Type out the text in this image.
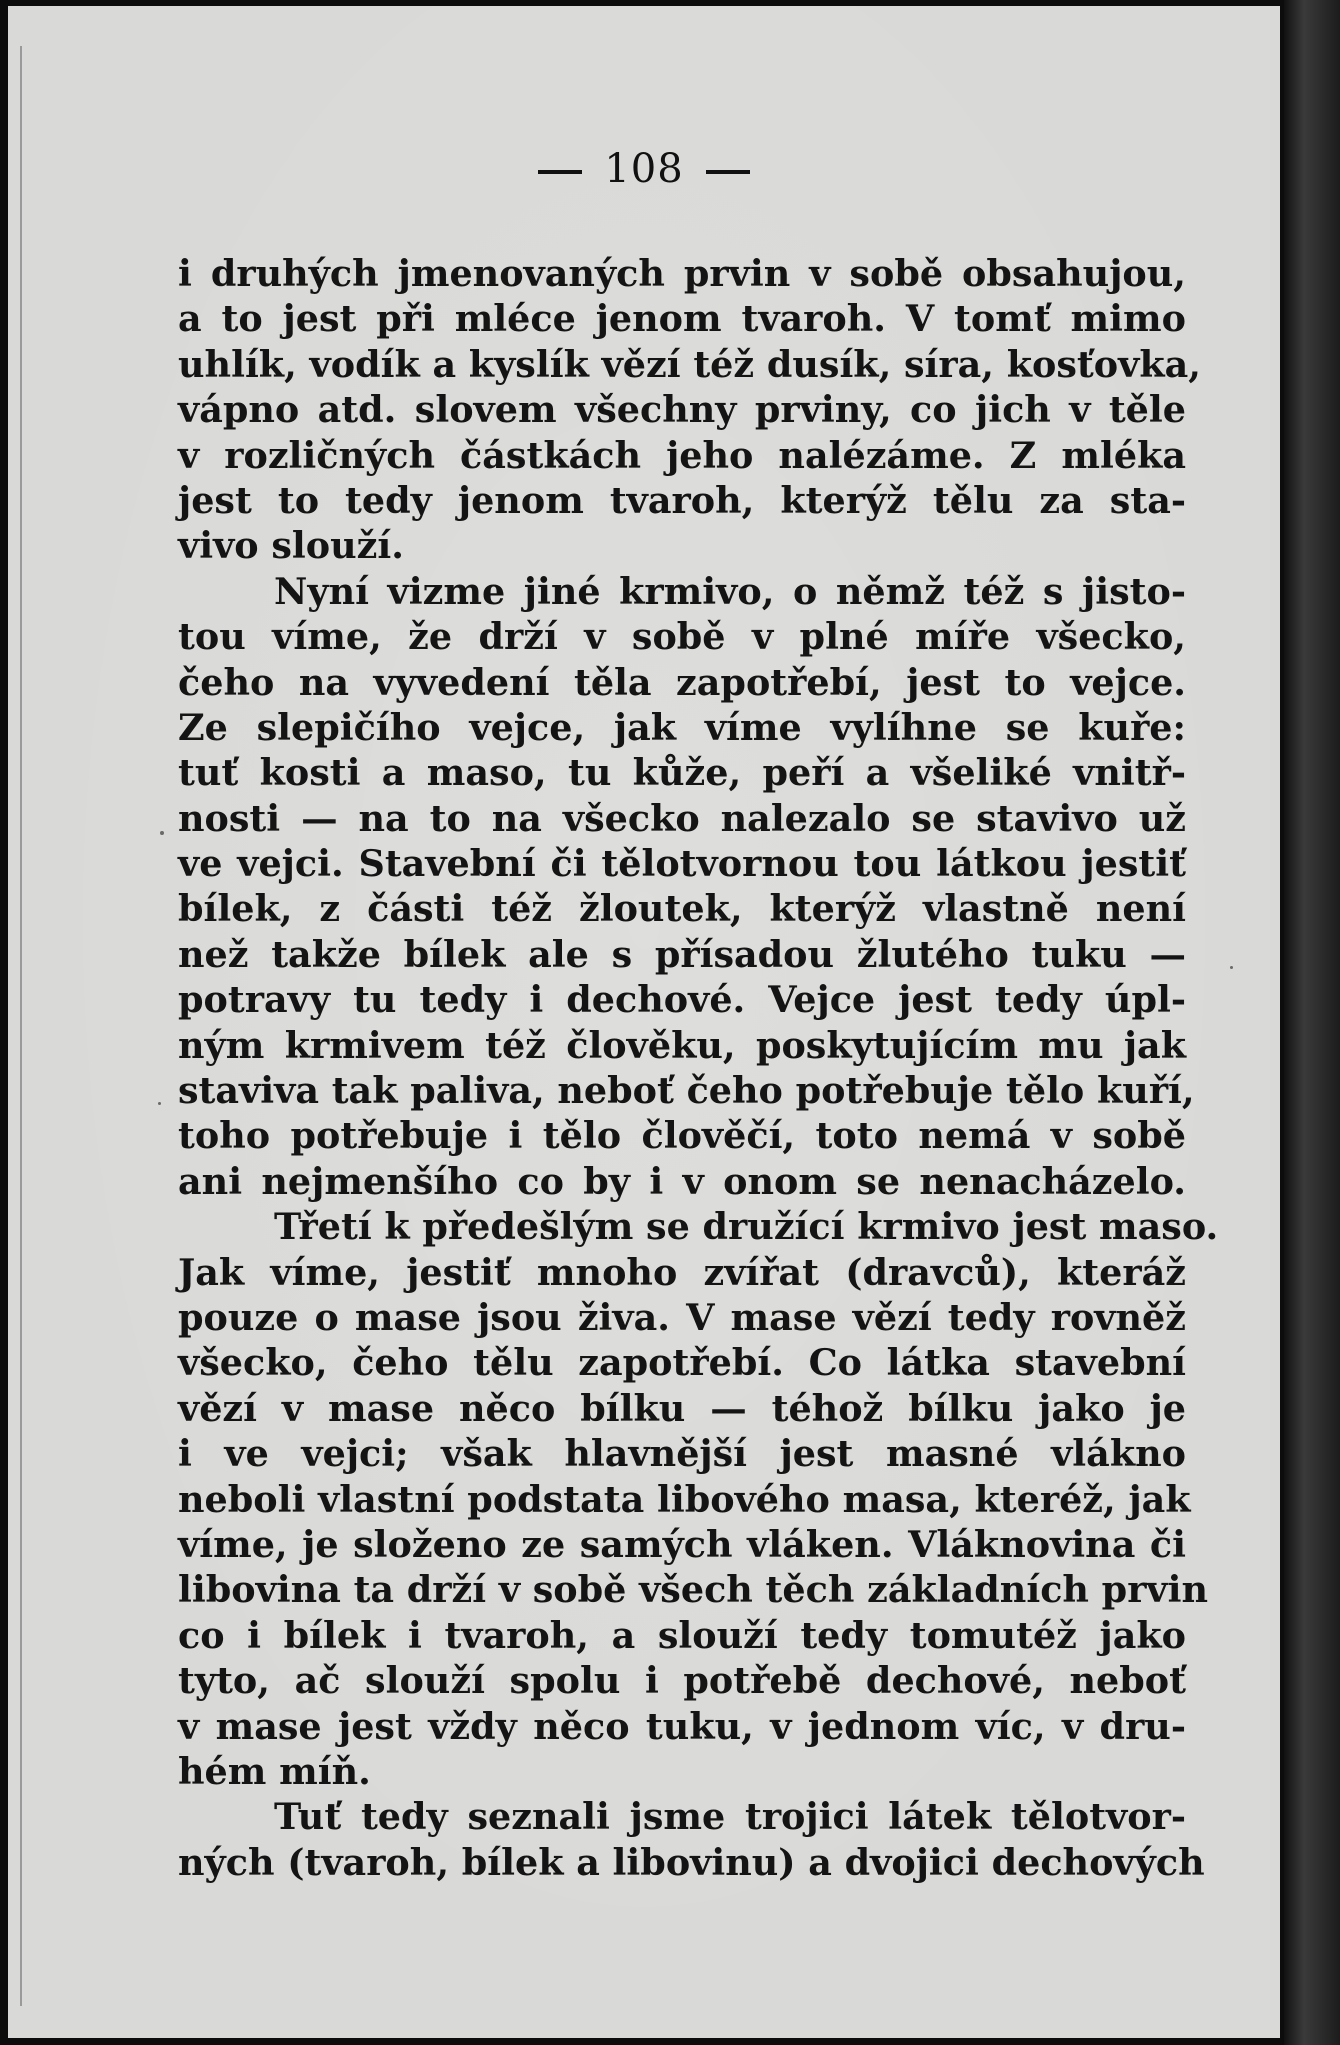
108
i druhých jmenovaných prvin v sobě obsahujou,
a to jest při mléce jenom tvaroh. V tomť mimo
uhlík, vodík a kyslík vězí též dusík, síra, kosťovka,
vápno atd. slovem všechny prviny, co jich v těle
v rozličných částkách jeho nalézáme. Z mléka
jest to tedy jenom tvaroh, kterýž tělu za sta-
vivo slouží.
Nyní vizme jiné krmivo, o němž též s jisto-
tou víme, že drží v sobě v plné míře všecko,
čeho na vyvedení těla zapotřebí, jest to vejce.
Ze slepičího vejce, jak víme vylíhne se kuře:
tuť kosti a maso, tu kůže, peří a všeliké vnitř-
nosti — na to na všecko nalezalo se stavivo už
ve vejci. Stavební či tělotvornou tou látkou jestiť
bílek, z části též žloutek, kterýž vlastně není
než takže bílek ale s přísadou žlutého tuku —
potravy tu tedy i dechové. Vejce jest tedy úpl-
ným krmivem též člověku, poskytujícím mu jak
staviva tak paliva, neboť čeho potřebuje tělo kuří,
toho potřebuje i tělo člověčí, toto nemá v sobě
ani nejmenšího co by i v onom se nenacházelo.
Třetí k předešlým se družící krmivo jest maso.
Jak víme, jestiť mnoho zvířat (dravců), kteráž
pouze o mase jsou živa. V mase vězí tedy rovněž
všecko, čeho tělu zapotřebí. Co látka stavební
vězí v mase něco bílku — téhož bílku jako je
i ve vejci; však hlavnější jest masné vlákno
neboli vlastní podstata libového masa, kteréž, jak
víme, je složeno ze samých vláken. Vláknovina či
libovina ta drží v sobě všech těch základních prvin
co i bílek i tvaroh, a slouží tedy tomutéž jako
tyto, ač slouží spolu i potřebě dechové, neboť
v mase jest vždy něco tuku, v jednom víc, v dru-
hém míň.
Tuť tedy seznali jsme trojici látek tělotvor-
ných (tvaroh, bílek a libovinu) a dvojici dechových
